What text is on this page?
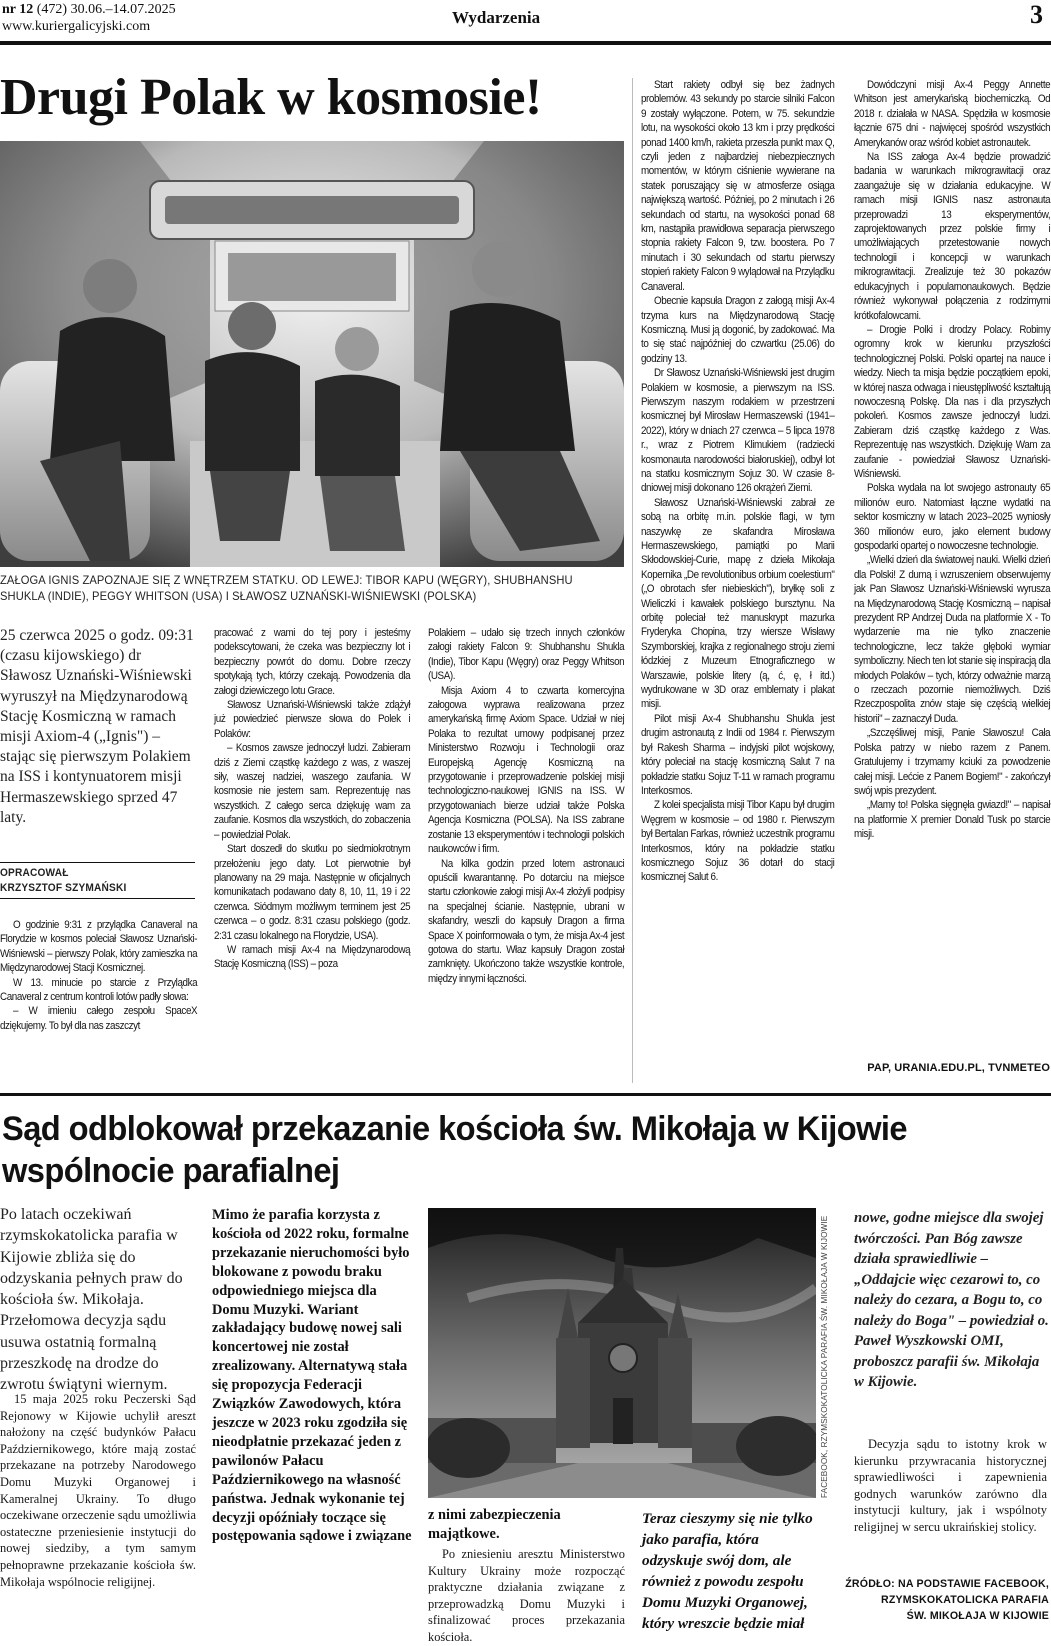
nr 12 (472) 30.06.–14.07.2025
www.kuriergalicyjski.com	Wydarzenia	3
Drugi Polak w kosmosie!
ZAŁOGA IGNIS ZAPOZNAJE SIĘ Z WNĘTRZEM STATKU. OD LEWEJ: TIBOR KAPU (WĘGRY), SHUBHANSHU SHUKLA (INDIE), PEGGY WHITSON (USA) I SŁAWOSZ UZNAŃSKI-WIŚNIEWSKI (POLSKA)
25 czerwca 2025 o godz. 09:31 (czasu kijowskiego) dr Sławosz Uznański-Wiśniewski wyruszył na Międzynarodową Stację Kosmiczną w ramach misji Axiom-4 („Ignis") – stając się pierwszym Polakiem na ISS i kontynuatorem misji Hermaszewskiego sprzed 47 laty.
OPRACOWAŁ
KRZYSZTOF SZYMAŃSKI

O godzinie 9:31 z przylądka Canaveral na Florydzie w kosmos poleciał Sławosz Uznański-Wiśniewski – pierwszy Polak, który zamieszka na Międzynarodowej Stacji Kosmicznej.

W 13. minucie po starcie z Przylądka Canaveral z centrum kontroli lotów padły słowa:

– W imieniu całego zespołu SpaceX dziękujemy. To był dla nas zaszczyt

pracować z wami do tej pory i jesteśmy podekscytowani, że czeka was bezpieczny lot i bezpieczny powrót do domu. Dobre rzeczy spotykają tych, którzy czekają. Powodzenia dla załogi dziewiczego lotu Grace.

Sławosz Uznański-Wiśniewski także zdążył już powiedzieć pierwsze słowa do Polek i Polaków:

– Kosmos zawsze jednoczył ludzi. Zabieram dziś z Ziemi cząstkę każdego z was, z waszej siły, waszej nadziei, waszego zaufania. W kosmosie nie jestem sam. Reprezentuję nas wszystkich. Z całego serca dziękuję wam za zaufanie. Kosmos dla wszystkich, do zobaczenia – powiedział Polak.

Start doszedł do skutku po siedmiokrotnym przełożeniu jego daty. Lot pierwotnie był planowany na 29 maja. Następnie w oficjalnych komunikatach podawano daty 8, 10, 11, 19 i 22 czerwca. Siódmym możliwym terminem jest 25 czerwca – o godz. 8:31 czasu polskiego (godz. 2:31 czasu lokalnego na Florydzie, USA).

W ramach misji Ax-4 na Międzynarodową Stację Kosmiczną (ISS) – poza

Polakiem – udało się trzech innych członków załogi rakiety Falcon 9: Shubhanshu Shukla (Indie), Tibor Kapu (Węgry) oraz Peggy Whitson (USA).

Misja Axiom 4 to czwarta komercyjna załogowa wyprawa realizowana przez amerykańską firmę Axiom Space. Udział w niej Polaka to rezultat umowy podpisanej przez Ministerstwo Rozwoju i Technologii oraz Europejską Agencję Kosmiczną na przygotowanie i przeprowadzenie polskiej misji technologiczno-naukowej IGNIS na ISS. W przygotowaniach bierze udział także Polska Agencja Kosmiczna (POLSA). Na ISS zabrane zostanie 13 eksperymentów i technologii polskich naukowców i firm.

Na kilka godzin przed lotem astronauci opuścili kwarantannę. Po dotarciu na miejsce startu członkowie załogi misji Ax-4 złożyli podpisy na specjalnej ścianie. Następnie, ubrani w skafandry, weszli do kapsuły Dragon a firma Space X poinformowała o tym, że misja Ax-4 jest gotowa do startu. Właz kapsuły Dragon został zamknięty. Ukończono także wszystkie kontrole, między innymi łączności.

Start rakiety odbył się bez żadnych problemów. 43 sekundy po starcie silniki Falcon 9 zostały wyłączone. Potem, w 75. sekundzie lotu, na wysokości około 13 km i przy prędkości ponad 1400 km/h, rakieta przeszła punkt max Q, czyli jeden z najbardziej niebezpiecznych momentów, w którym ciśnienie wywierane na statek poruszający się w atmosferze osiąga największą wartość. Później, po 2 minutach i 26 sekundach od startu, na wysokości ponad 68 km, nastąpiła prawidłowa separacja pierwszego stopnia rakiety Falcon 9, tzw. boostera. Po 7 minutach i 30 sekundach od startu pierwszy stopień rakiety Falcon 9 wylądował na Przylądku Canaveral.

Obecnie kapsuła Dragon z załogą misji Ax-4 trzyma kurs na Międzynarodową Stację Kosmiczną. Musi ją dogonić, by zadokować. Ma to się stać najpóźniej do czwartku (25.06) do godziny 13.

Dr Sławosz Uznański-Wiśniewski jest drugim Polakiem w kosmosie, a pierwszym na ISS. Pierwszym naszym rodakiem w przestrzeni kosmicznej był Mirosław Hermaszewski (1941–2022), który w dniach 27 czerwca – 5 lipca 1978 r., wraz z Piotrem Klimukiem (radziecki kosmonauta narodowości białoruskiej), odbył lot na statku kosmicznym Sojuz 30. W czasie 8-dniowej misji dokonano 126 okrążeń Ziemi.

Sławosz Uznański-Wiśniewski zabrał ze sobą na orbitę m.in. polskie flagi, w tym naszywkę ze skafandra Mirosława Hermaszewskiego, pamiątki po Marii Skłodowskiej-Curie, mapę z dzieła Mikołaja Kopernika „De revolutionibus orbium coelestium" („O obrotach sfer niebieskich"), bryłkę soli z Wieliczki i kawałek polskiego bursztynu. Na orbitę poleciał też manuskrypt mazurka Fryderyka Chopina, trzy wiersze Wisławy Szymborskiej, krajka z regionalnego stroju ziemi łódzkiej z Muzeum Etnograficznego w Warszawie, polskie litery (ą, ć, ę, ł itd.) wydrukowane w 3D oraz emblematy i plakat misji.

Pilot misji Ax-4 Shubhanshu Shukla jest drugim astronautą z Indii od 1984 r. Pierwszym był Rakesh Sharma – indyjski pilot wojskowy, który poleciał na stację kosmiczną Salut 7 na pokładzie statku Sojuz T-11 w ramach programu Interkosmos.

Z kolei specjalista misji Tibor Kapu był drugim Węgrem w kosmosie – od 1980 r. Pierwszym był Bertalan Farkas, również uczestnik programu Interkosmos, który na pokładzie statku kosmicznego Sojuz 36 dotarł do stacji kosmicznej Salut 6.

Dowódczyni misji Ax-4 Peggy Annette Whitson jest amerykańską biochemiczką. Od 2018 r. działała w NASA. Spędziła w kosmosie łącznie 675 dni - najwięcej spośród wszystkich Amerykanów oraz wśród kobiet astronautek.

Na ISS załoga Ax-4 będzie prowadzić badania w warunkach mikrograwitacji oraz zaangażuje się w działania edukacyjne. W ramach misji IGNIS nasz astronauta przeprowadzi 13 eksperymentów, zaprojektowanych przez polskie firmy i umożliwiających przetestowanie nowych technologii i koncepcji w warunkach mikrograwitacji. Zrealizuje też 30 pokazów edukacyjnych i popularnonaukowych. Będzie również wykonywał połączenia z rodzimymi krótkofalowcami.

– Drogie Polki i drodzy Polacy. Robimy ogromny krok w kierunku przyszłości technologicznej Polski. Polski opartej na nauce i wiedzy. Niech ta misja będzie początkiem epoki, w której nasza odwaga i nieustępliwość kształtują nowoczesną Polskę. Dla nas i dla przyszłych pokoleń. Kosmos zawsze jednoczył ludzi. Zabieram dziś cząstkę każdego z Was. Reprezentuję nas wszystkich. Dziękuję Wam za zaufanie - powiedział Sławosz Uznański-Wiśniewski.

Polska wydała na lot swojego astronauty 65 milionów euro. Natomiast łączne wydatki na sektor kosmiczny w latach 2023–2025 wyniosły 360 milionów euro, jako element budowy gospodarki opartej o nowoczesne technologie.

„Wielki dzień dla światowej nauki. Wielki dzień dla Polski! Z dumą i wzruszeniem obserwujemy jak Pan Sławosz Uznański-Wiśniewski wyrusza na Międzynarodową Stację Kosmiczną – napisał prezydent RP Andrzej Duda na platformie X - To wydarzenie ma nie tylko znaczenie technologiczne, lecz także głęboki wymiar symboliczny. Niech ten lot stanie się inspiracją dla młodych Polaków – tych, którzy odważnie marzą o rzeczach pozornie niemożliwych. Dziś Rzeczpospolita znów staje się częścią wielkiej historii" – zaznaczył Duda.

„Szczęśliwej misji, Panie Sławoszu! Cała Polska patrzy w niebo razem z Panem. Gratulujemy i trzymamy kciuki za powodzenie całej misji. Lećcie z Panem Bogiem!" - zakończył swój wpis prezydent.

„Mamy to! Polska sięgnęła gwiazd!" – napisał na platformie X premier Donald Tusk po starcie misji.

PAP, URANIA.EDU.PL, TVNMETEO
Sąd odblokował przekazanie kościoła św. Mikołaja w Kijowie wspólnocie parafialnej
Po latach oczekiwań rzymskokatolicka parafia w Kijowie zbliża się do odzyskania pełnych praw do kościoła św. Mikołaja. Przełomowa decyzja sądu usuwa ostatnią formalną przeszkodę na drodze do zwrotu świątyni wiernym.

15 maja 2025 roku Peczerski Sąd Rejonowy w Kijowie uchylił areszt nałożony na część budynków Pałacu Październikowego, które mają zostać przekazane na potrzeby Narodowego Domu Muzyki Organowej i Kameralnej Ukrainy. To długo oczekiwane orzeczenie sądu umożliwia ostateczne przeniesienie instytucji do nowej siedziby, a tym samym pełnoprawne przekazanie kościoła św. Mikołaja wspólnocie religijnej.

Mimo że parafia korzysta z kościoła od 2022 roku, formalne przekazanie nieruchomości było blokowane z powodu braku odpowiedniego miejsca dla Domu Muzyki. Wariant zakładający budowę nowej sali koncertowej nie został zrealizowany. Alternatywą stała się propozycja Federacji Związków Zawodowych, która jeszcze w 2023 roku zgodziła się nieodpłatnie przekazać jeden z pawilonów Pałacu Październikowego na własność państwa. Jednak wykonanie tej decyzji opóźniały toczące się postępowania sądowe i związane
FACEBOOK, RZYMSKOKATOLICKA PARAFIA ŚW. MIKOŁAJA W KIJOWIE
z nimi zabezpieczenia majątkowe.

Po zniesieniu aresztu Ministerstwo Kultury Ukrainy może rozpocząć praktyczne działania związane z przeprowadzką Domu Muzyki i sfinalizować proces przekazania kościoła.

Teraz cieszymy się nie tylko jako parafia, która odzyskuje swój dom, ale również z powodu zespołu Domu Muzyki Organowej, który wreszcie będzie miał
nowe, godne miejsce dla swojej twórczości. Pan Bóg zawsze działa sprawiedliwie – „Oddajcie więc cezarowi to, co należy do cezara, a Bogu to, co należy do Boga" – powiedział o. Paweł Wyszkowski OMI, proboszcz parafii św. Mikołaja w Kijowie.

Decyzja sądu to istotny krok w kierunku przywracania historycznej sprawiedliwości i zapewnienia godnych warunków zarówno dla instytucji kultury, jak i wspólnoty religijnej w sercu ukraińskiej stolicy.

ŹRÓDŁO: NA PODSTAWIE FACEBOOK,
RZYMSKOKATOLICKA PARAFIA
ŚW. MIKOŁAJA W KIJOWIE
